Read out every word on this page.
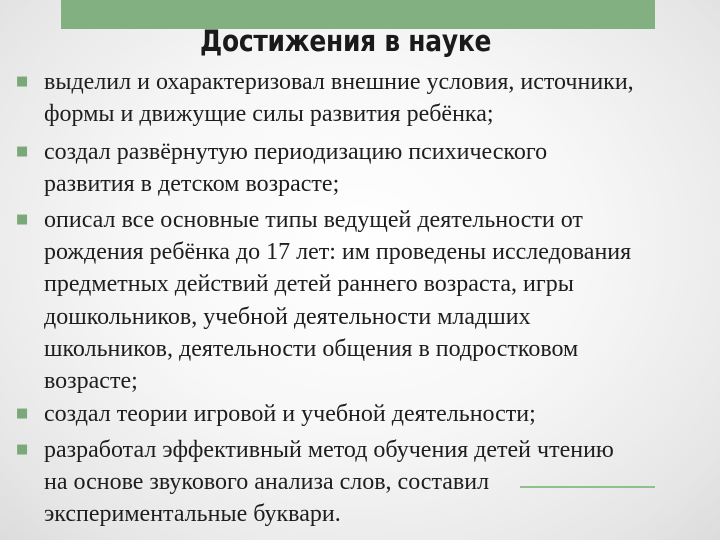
Достижения в науке
■ выделил и охарактеризовал внешние условия, источники,
формы и движущие силы развития ребёнка;
■ создал развёрнутую периодизацию психического
развития в детском возрасте;
■ описал все основные типы ведущей деятельности от
рождения ребёнка до 17 лет: им проведены исследования
предметных действий детей раннего возраста, игры
дошкольников, учебной деятельности младших
школьников, деятельности общения в подростковом
возрасте;
■ создал теории игровой и учебной деятельности;
■ разработал эффективный метод обучения детей чтению
на основе звукового анализа слов, составил
экспериментальные буквари.
